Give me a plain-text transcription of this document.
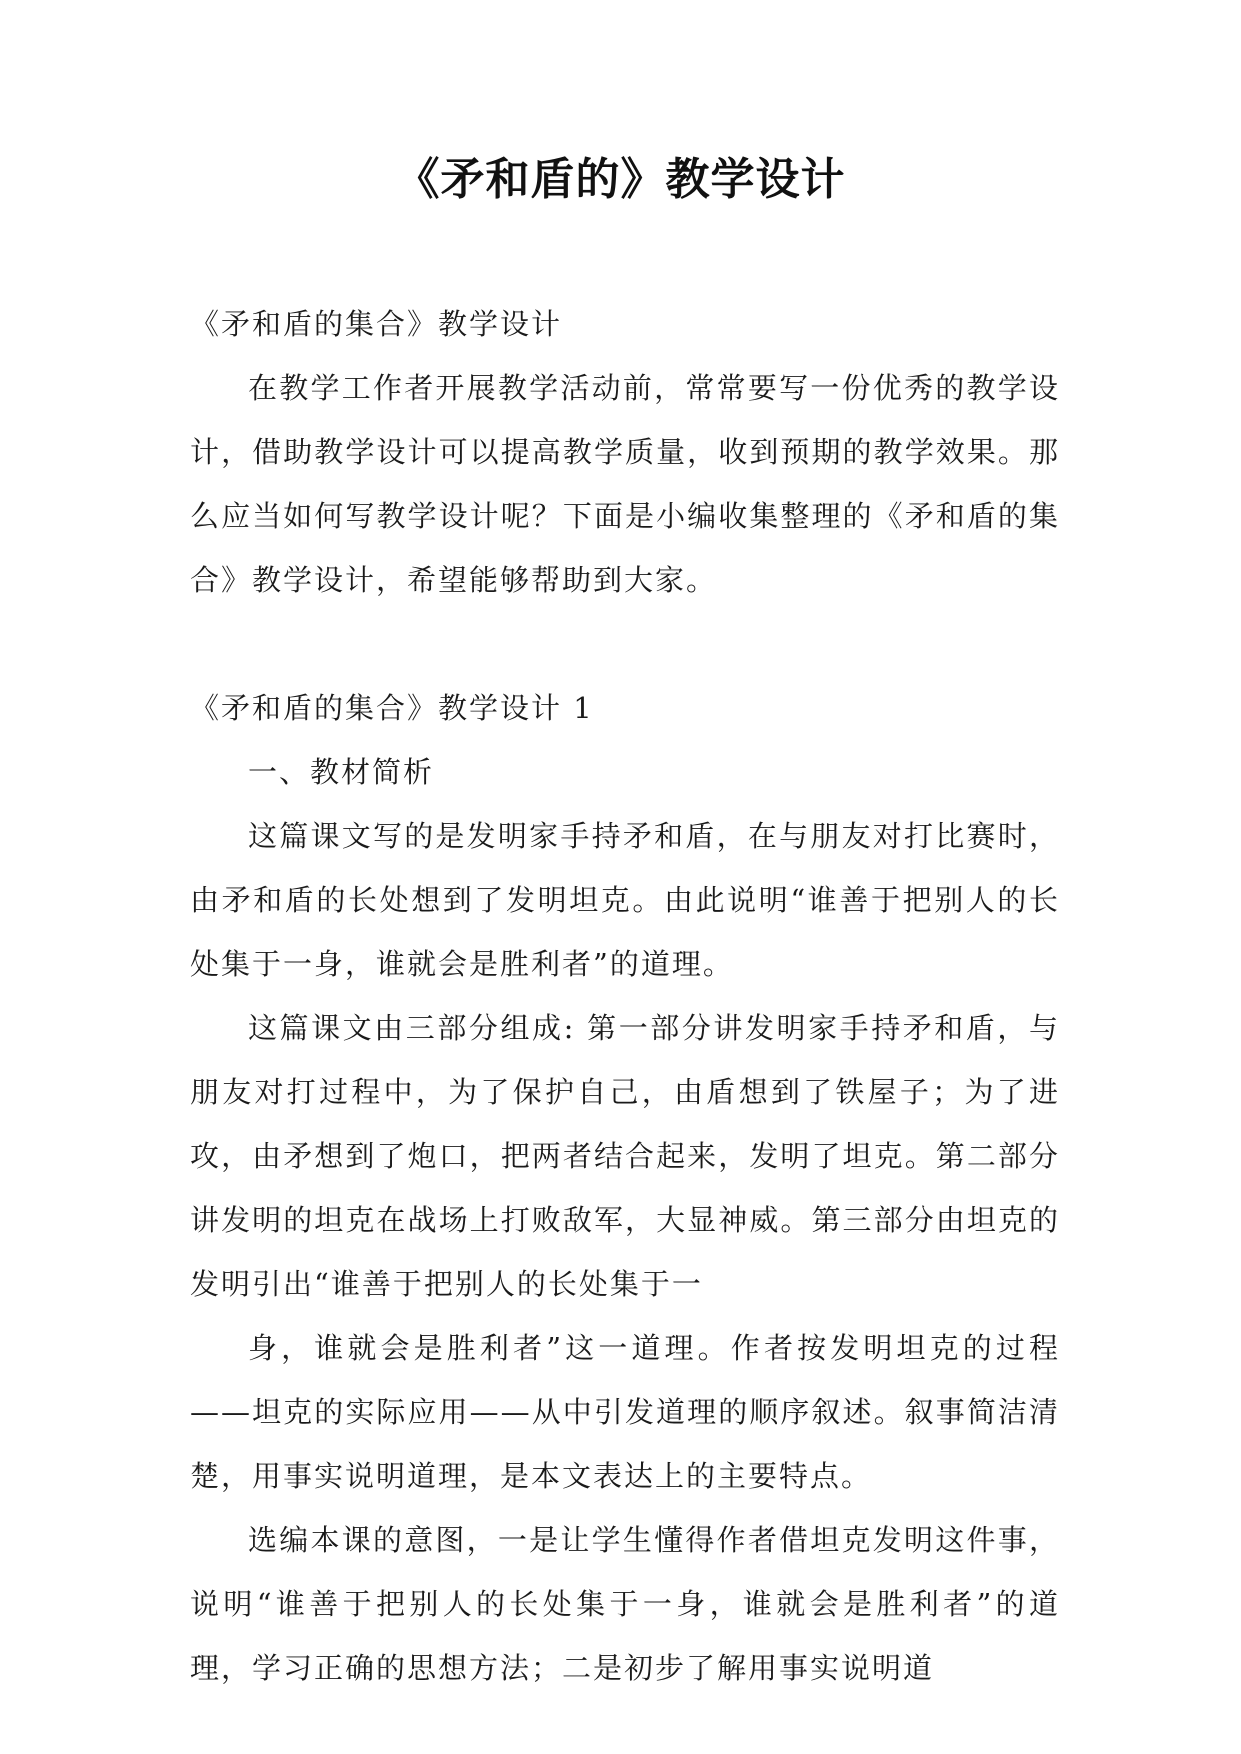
《矛和盾的》教学设计

《矛和盾的集合》教学设计

在教学工作者开展教学活动前，常常要写一份优秀的教学设计，借助教学设计可以提高教学质量，收到预期的教学效果。那么应当如何写教学设计呢？下面是小编收集整理的《矛和盾的集合》教学设计，希望能够帮助到大家。

《矛和盾的集合》教学设计 1

一、教材简析

这篇课文写的是发明家手持矛和盾，在与朋友对打比赛时，由矛和盾的长处想到了发明坦克。由此说明“谁善于把别人的长处集于一身，谁就会是胜利者”的道理。

这篇课文由三部分组成: 第一部分讲发明家手持矛和盾，与朋友对打过程中，为了保护自己，由盾想到了铁屋子；为了进攻，由矛想到了炮口，把两者结合起来，发明了坦克。第二部分讲发明的坦克在战场上打败敌军，大显神威。第三部分由坦克的发明引出“谁善于把别人的长处集于一

身，谁就会是胜利者”这一道理。作者按发明坦克的过程——坦克的实际应用——从中引发道理的顺序叙述。叙事简洁清楚，用事实说明道理，是本文表达上的主要特点。

选编本课的意图，一是让学生懂得作者借坦克发明这件事，说明“谁善于把别人的长处集于一身，谁就会是胜利者”的道理，学习正确的思想方法；二是初步了解用事实说明道
